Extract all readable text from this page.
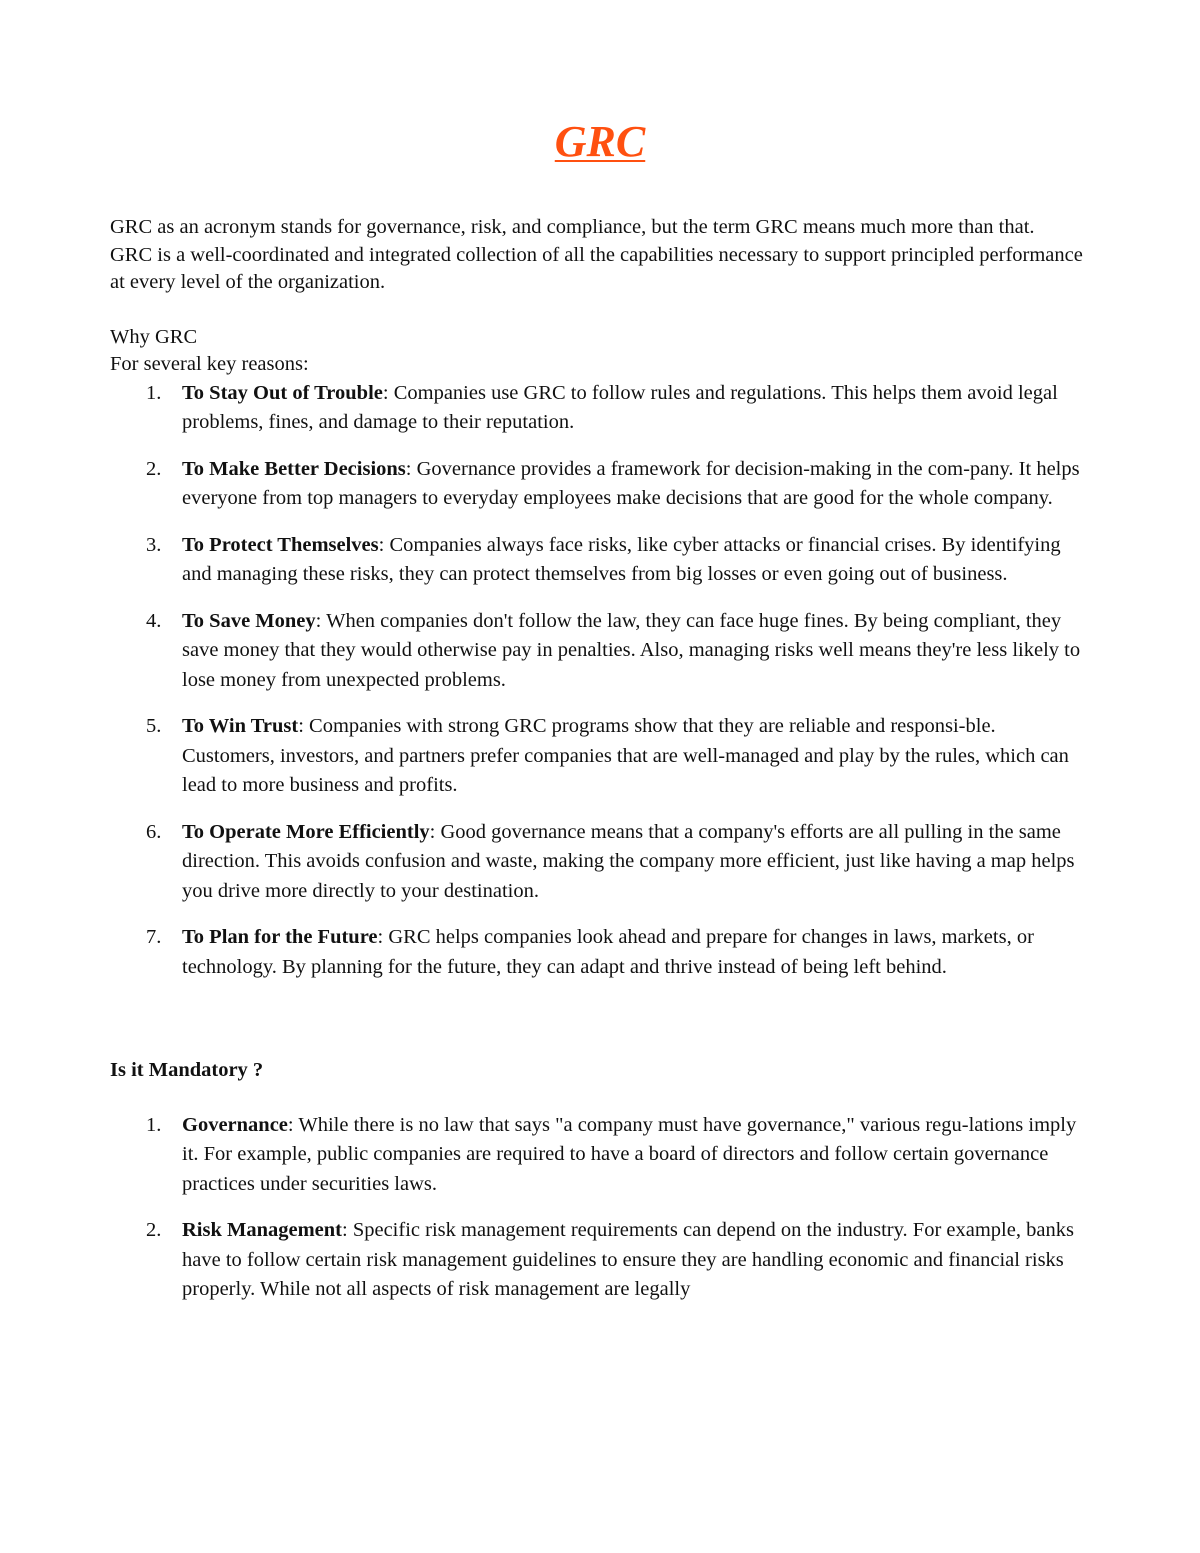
GRC

GRC as an acronym stands for governance, risk, and compliance, but the term GRC means much more than that.

GRC is a well-coordinated and integrated collection of all the capabilities necessary to support principled performance at every level of the organization.

Why GRC

For several key reasons:

1. To Stay Out of Trouble: Companies use GRC to follow rules and regulations. This helps them avoid legal problems, fines, and damage to their reputation.
2. To Make Better Decisions: Governance provides a framework for decision-making in the com-pany. It helps everyone from top managers to everyday employees make decisions that are good for the whole company.
3. To Protect Themselves: Companies always face risks, like cyber attacks or financial crises. By identifying and managing these risks, they can protect themselves from big losses or even going out of business.
4. To Save Money: When companies don't follow the law, they can face huge fines. By being compliant, they save money that they would otherwise pay in penalties. Also, managing risks well means they're less likely to lose money from unexpected problems.
5. To Win Trust: Companies with strong GRC programs show that they are reliable and responsi-ble. Customers, investors, and partners prefer companies that are well-managed and play by the rules, which can lead to more business and profits.
6. To Operate More Efficiently: Good governance means that a company's efforts are all pulling in the same direction. This avoids confusion and waste, making the company more efficient, just like having a map helps you drive more directly to your destination.
7. To Plan for the Future: GRC helps companies look ahead and prepare for changes in laws, markets, or technology. By planning for the future, they can adapt and thrive instead of being left behind.

Is it Mandatory ?

1. Governance: While there is no law that says "a company must have governance," various regu-lations imply it. For example, public companies are required to have a board of directors and follow certain governance practices under securities laws.
2. Risk Management: Specific risk management requirements can depend on the industry. For example, banks have to follow certain risk management guidelines to ensure they are handling economic and financial risks properly. While not all aspects of risk management are legally
